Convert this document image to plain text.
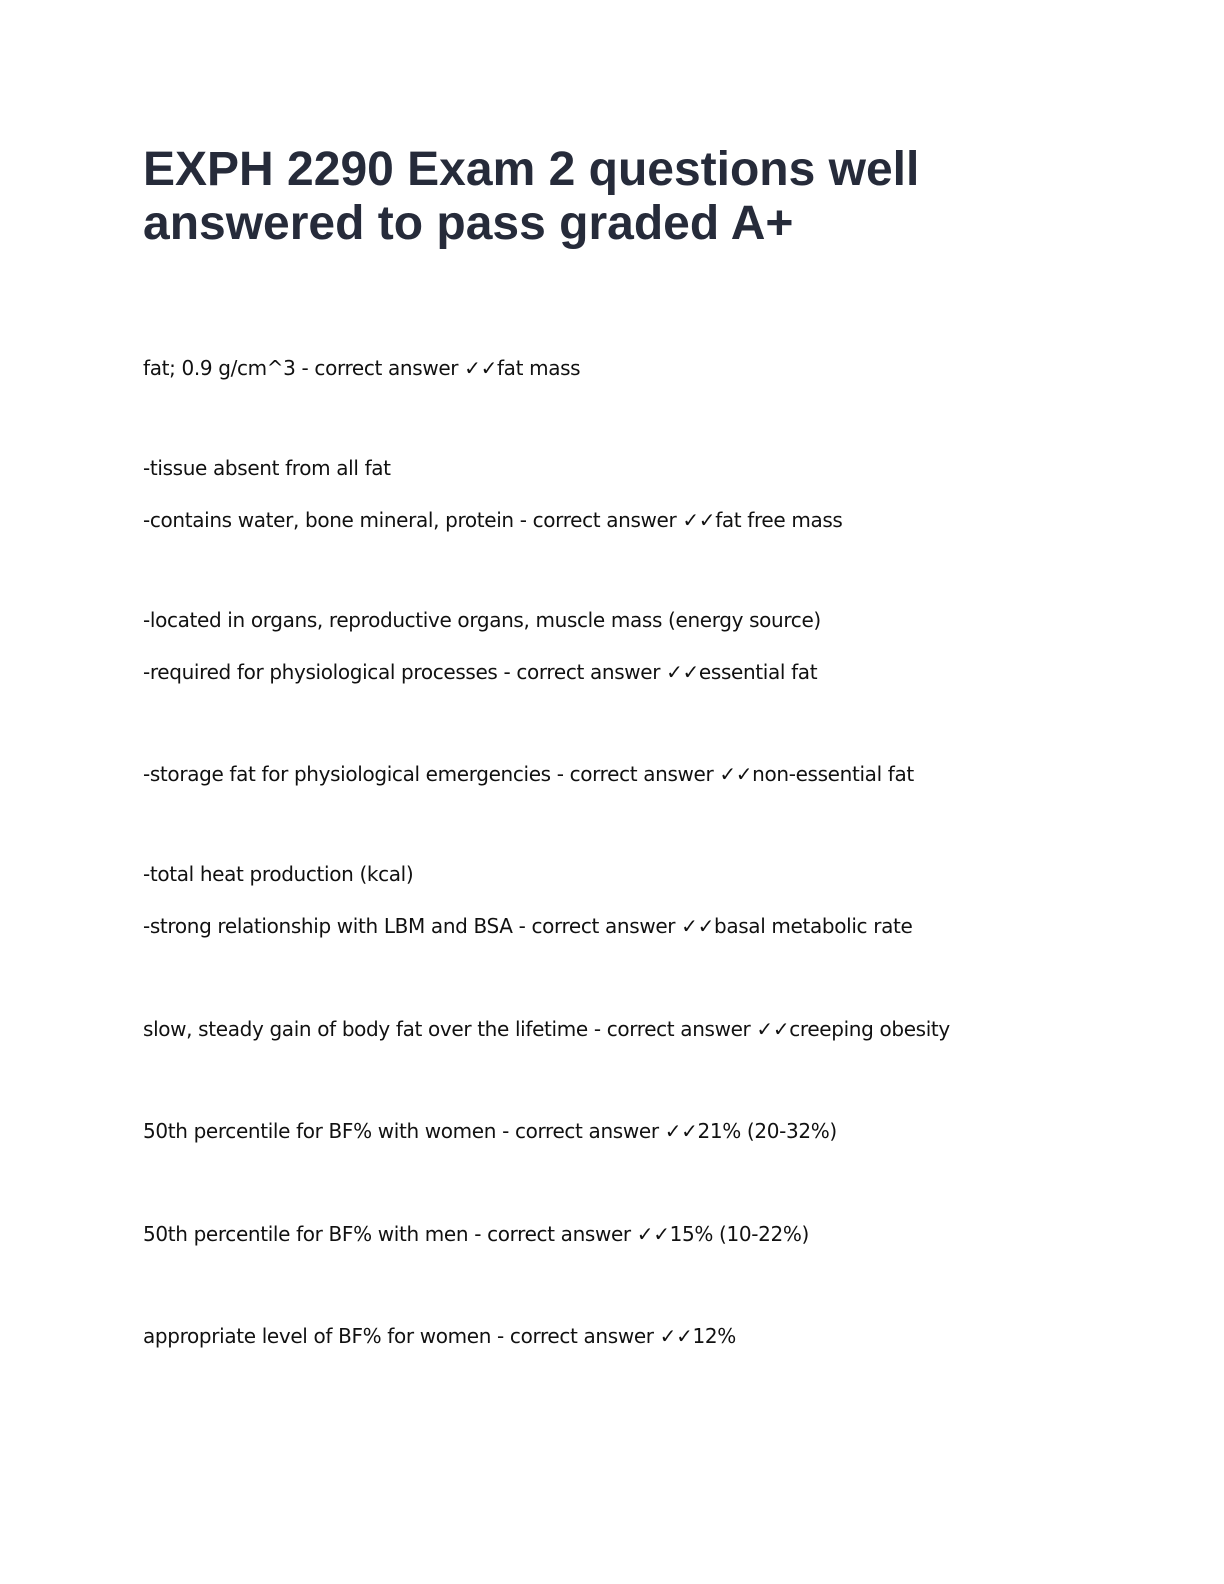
EXPH 2290 Exam 2 questions well
answered to pass graded A+

fat; 0.9 g/cm^3 - correct answer ✓✓fat mass

-tissue absent from all fat

-contains water, bone mineral, protein - correct answer ✓✓fat free mass

-located in organs, reproductive organs, muscle mass (energy source)

-required for physiological processes - correct answer ✓✓essential fat

-storage fat for physiological emergencies - correct answer ✓✓non-essential fat

-total heat production (kcal)

-strong relationship with LBM and BSA - correct answer ✓✓basal metabolic rate

slow, steady gain of body fat over the lifetime - correct answer ✓✓creeping obesity

50th percentile for BF% with women - correct answer ✓✓21% (20-32%)

50th percentile for BF% with men - correct answer ✓✓15% (10-22%)

appropriate level of BF% for women - correct answer ✓✓12%
